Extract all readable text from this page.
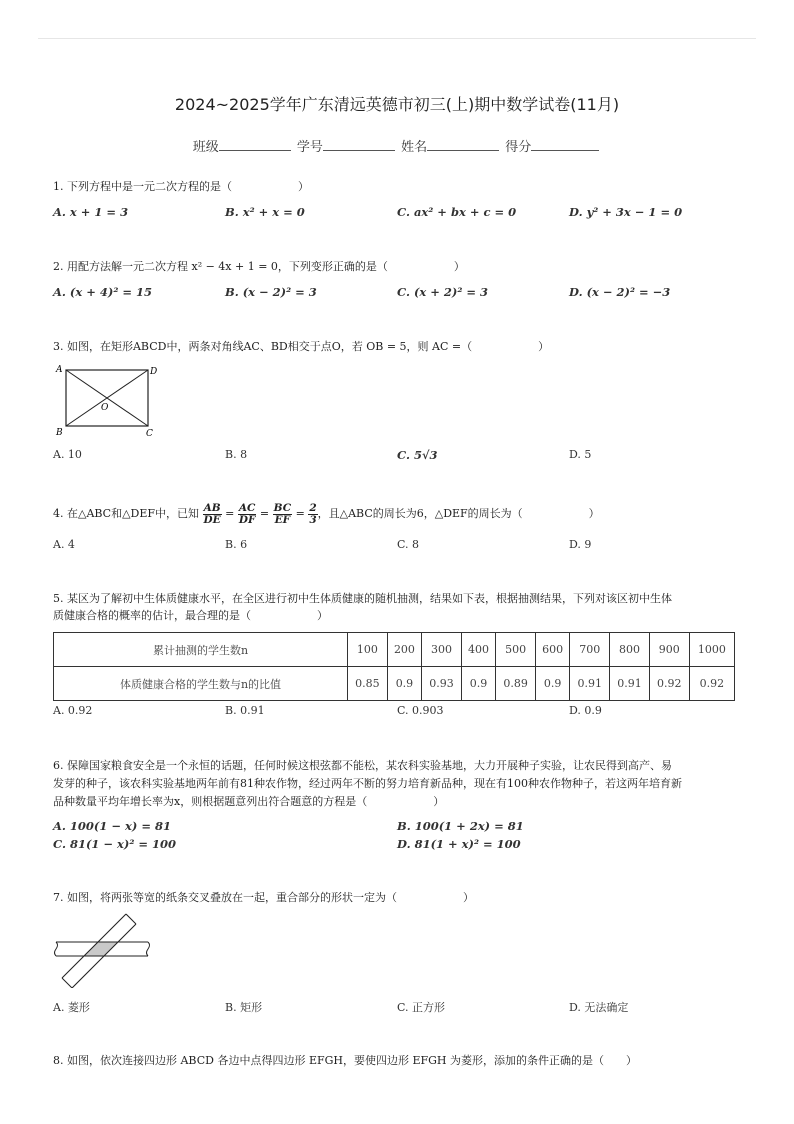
2024~2025学年广东清远英德市初三(上)期中数学试卷(11月)
班级	学号	姓名	得分
1. 下列方程中是一元二次方程的是（　　　　　　）
A. x + 1 = 3	B. x² + x = 0	C. ax² + bx + c = 0	D. y² + 3x − 1 = 0
2. 用配方法解一元二次方程 x² − 4x + 1 = 0，下列变形正确的是（　　　　　　）
A. (x + 4)² = 15	B. (x − 2)² = 3	C. (x + 2)² = 3	D. (x − 2)² = −3
3. 如图，在矩形ABCD中，两条对角线AC、BD相交于点O，若 OB = 5，则 AC =（　　　　　　）
A	D
O
B	C
A. 10	B. 8	C. 5√3	D. 5
4. 在△ABC和△DEF中，已知 $\frac{AB}{DE} = \frac{AC}{DF} = \frac{BC}{EF} = \frac{2}{3}$ ，且△ABC的周长为6，△DEF的周长为（　　　　　　）
A. 4	B. 6	C. 8	D. 9
5. 某区为了解初中生体质健康水平，在全区进行初中生体质健康的随机抽测，结果如下表，根据抽测结果，下列对该区初中生体
质健康合格的概率的估计，最合理的是（　　　　　　）
累计抽测的学生数n	100	200	300	400	500	600	700	800	900	1000
体质健康合格的学生数与n的比值	0.85	0.9	0.93	0.9	0.89	0.9	0.91	0.91	0.92	0.92
A. 0.92	B. 0.91	C. 0.903	D. 0.9
6. 保障国家粮食安全是一个永恒的话题，任何时候这根弦都不能松，某农科实验基地，大力开展种子实验，让农民得到高产、易
发芽的种子，该农科实验基地两年前有81种农作物，经过两年不断的努力培育新品种，现在有100种农作物种子，若这两年培育新
品种数量平均年增长率为x，则根据题意列出符合题意的方程是（　　　　　　）
A. 100(1 − x) = 81	B. 100(1 + 2x) = 81
C. 81(1 − x)² = 100	D. 81(1 + x)² = 100
7. 如图，将两张等宽的纸条交叉叠放在一起，重合部分的形状一定为（　　　　　　）
A. 菱形	B. 矩形	C. 正方形	D. 无法确定
8. 如图，依次连接四边形 ABCD 各边中点得四边形 EFGH，要使四边形 EFGH 为菱形，添加的条件正确的是（　　）
